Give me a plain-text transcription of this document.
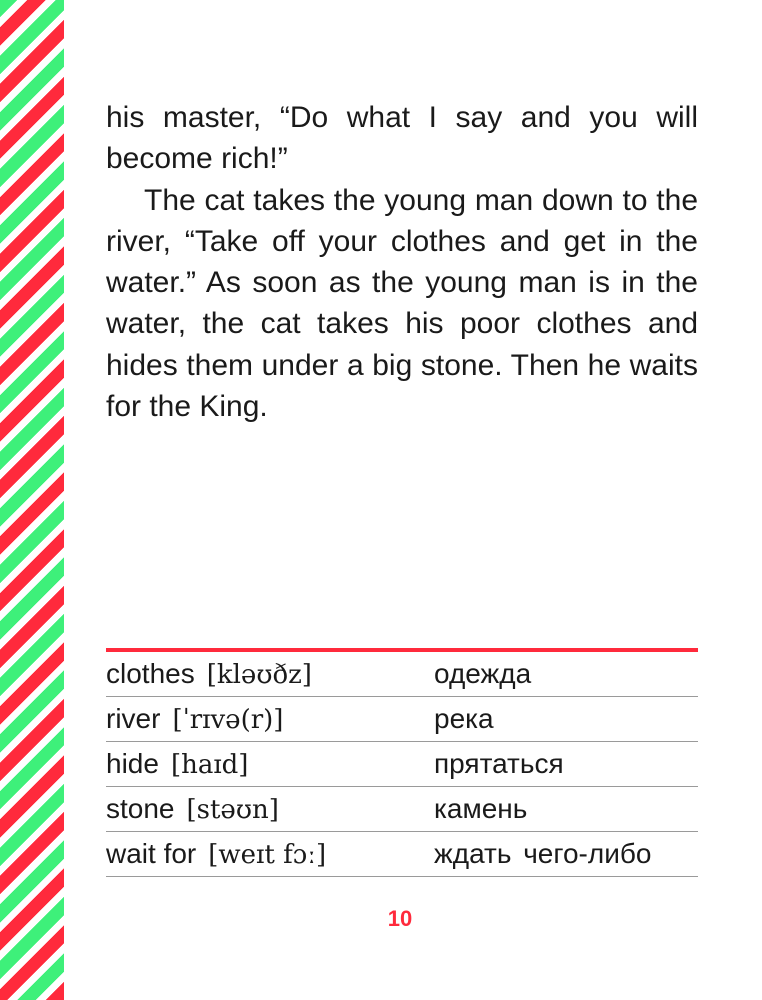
his master, “Do what I say and you will become rich!”

The cat takes the young man down to the river, “Take off your clothes and get in the water.” As soon as the young man is in the water, the cat takes his poor clothes and hides them under a big stone. Then he waits for the King.

clothes [kləʊðz]	одежда
river [ˈrɪvə(r)]	река
hide [haɪd]	прятаться
stone [stəʊn]	камень
wait for [weɪt fɔː]	ждать чего-либо
10
